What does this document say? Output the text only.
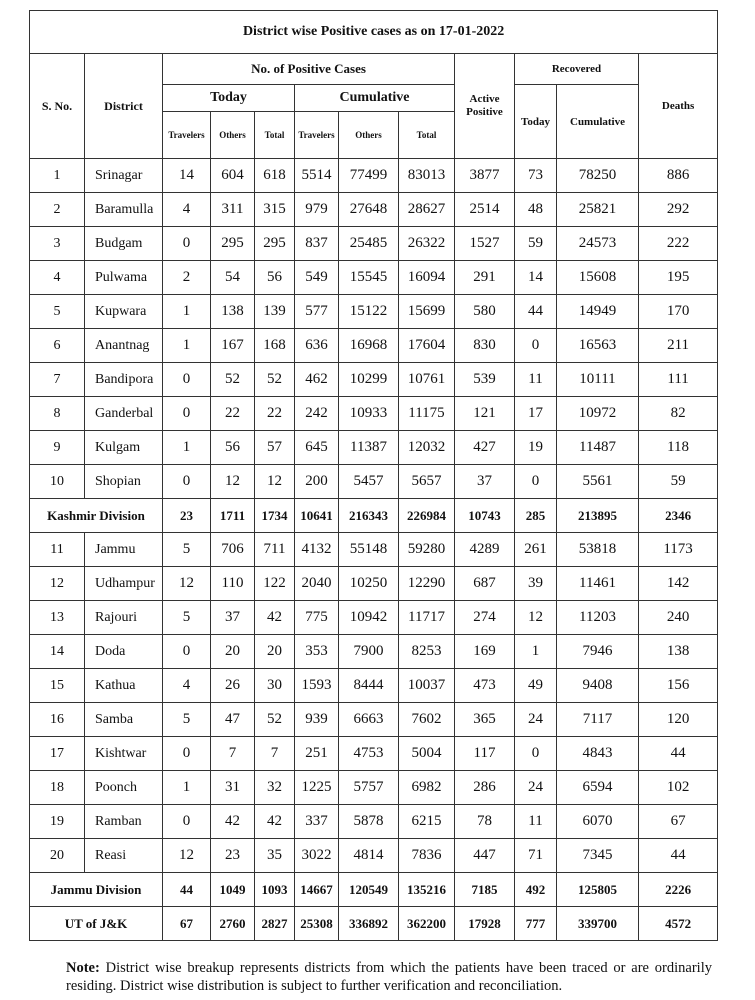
District wise Positive cases as on 17-01-2022											
S. No.	District	No. of Positive Cases						Active Positive	Recovered		Deaths
		Today			Cumulative				Today	Cumulative	
		Travelers	Others	Total	Travelers	Others	Total				
1	Srinagar	14	604	618	5514	77499	83013	3877	73	78250	886
2	Baramulla	4	311	315	979	27648	28627	2514	48	25821	292
3	Budgam	0	295	295	837	25485	26322	1527	59	24573	222
4	Pulwama	2	54	56	549	15545	16094	291	14	15608	195
5	Kupwara	1	138	139	577	15122	15699	580	44	14949	170
6	Anantnag	1	167	168	636	16968	17604	830	0	16563	211
7	Bandipora	0	52	52	462	10299	10761	539	11	10111	111
8	Ganderbal	0	22	22	242	10933	11175	121	17	10972	82
9	Kulgam	1	56	57	645	11387	12032	427	19	11487	118
10	Shopian	0	12	12	200	5457	5657	37	0	5561	59
Kashmir Division		23	1711	1734	10641	216343	226984	10743	285	213895	2346
11	Jammu	5	706	711	4132	55148	59280	4289	261	53818	1173
12	Udhampur	12	110	122	2040	10250	12290	687	39	11461	142
13	Rajouri	5	37	42	775	10942	11717	274	12	11203	240
14	Doda	0	20	20	353	7900	8253	169	1	7946	138
15	Kathua	4	26	30	1593	8444	10037	473	49	9408	156
16	Samba	5	47	52	939	6663	7602	365	24	7117	120
17	Kishtwar	0	7	7	251	4753	5004	117	0	4843	44
18	Poonch	1	31	32	1225	5757	6982	286	24	6594	102
19	Ramban	0	42	42	337	5878	6215	78	11	6070	67
20	Reasi	12	23	35	3022	4814	7836	447	71	7345	44
Jammu Division		44	1049	1093	14667	120549	135216	7185	492	125805	2226
UT of J&K		67	2760	2827	25308	336892	362200	17928	777	339700	4572
Note: District wise breakup represents districts from which the patients have been traced or are ordinarily residing. District wise distribution is subject to further verification and reconciliation.
